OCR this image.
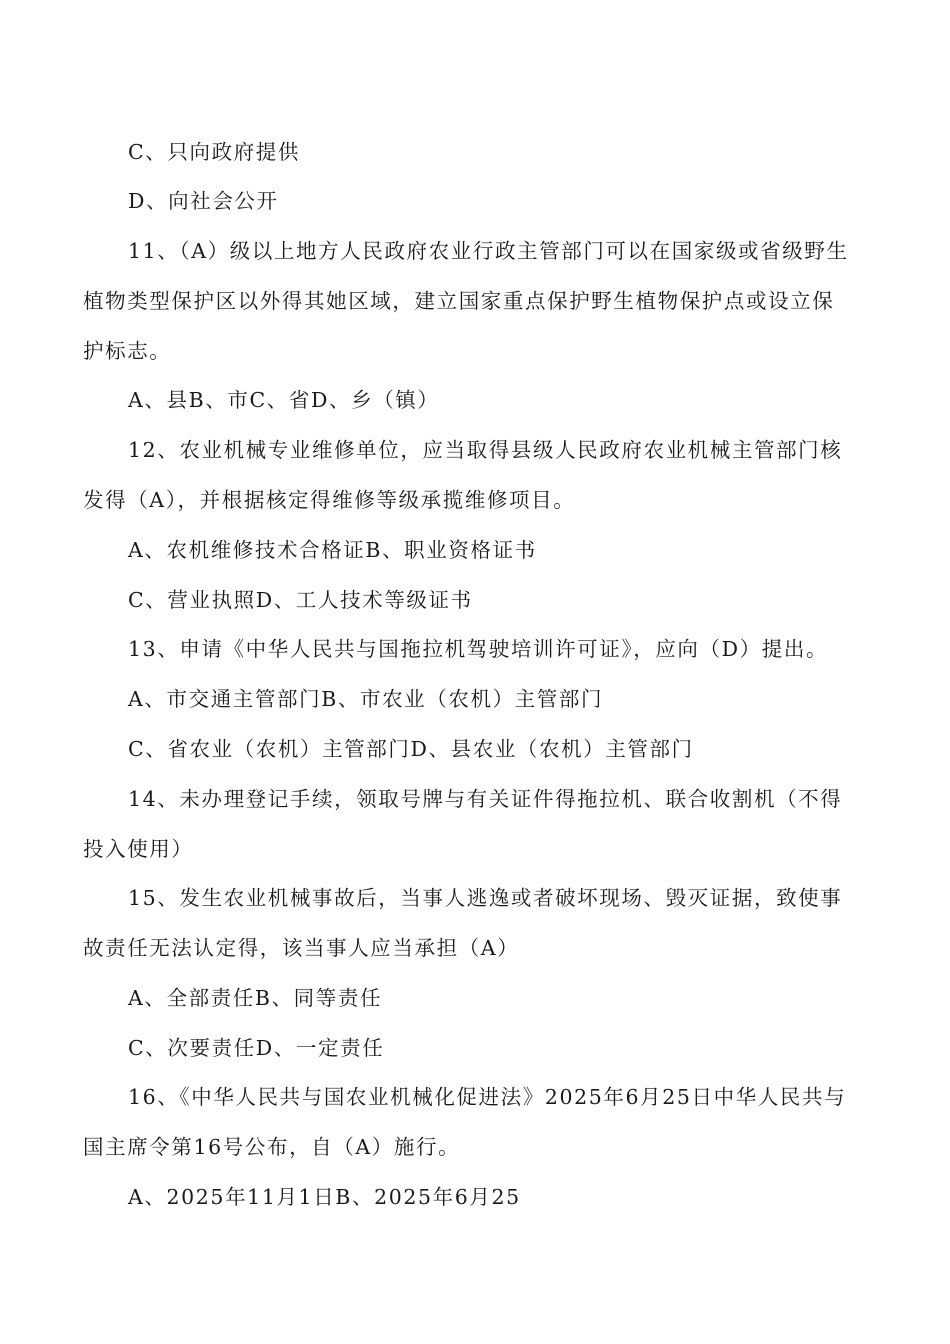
C、只向政府提供
D、向社会公开
11、（A）级以上地方人民政府农业行政主管部门可以在国家级或省级野生
植物类型保护区以外得其她区域，建立国家重点保护野生植物保护点或设立保
护标志。
A、县B、市C、省D、乡（镇）
12、农业机械专业维修单位，应当取得县级人民政府农业机械主管部门核
发得（A），并根据核定得维修等级承揽维修项目。
A、农机维修技术合格证B、职业资格证书
C、营业执照D、工人技术等级证书
13、申请《中华人民共与国拖拉机驾驶培训许可证》，应向（D）提出。
A、市交通主管部门B、市农业（农机）主管部门
C、省农业（农机）主管部门D、县农业（农机）主管部门
14、未办理登记手续，领取号牌与有关证件得拖拉机、联合收割机（不得
投入使用）
15、发生农业机械事故后，当事人逃逸或者破坏现场、毁灭证据，致使事
故责任无法认定得，该当事人应当承担（A）
A、全部责任B、同等责任
C、次要责任D、一定责任
16、《中华人民共与国农业机械化促进法》2025年6月25日中华人民共与
国主席令第16号公布，自（A）施行。
A、2025年11月1日B、2025年6月25
